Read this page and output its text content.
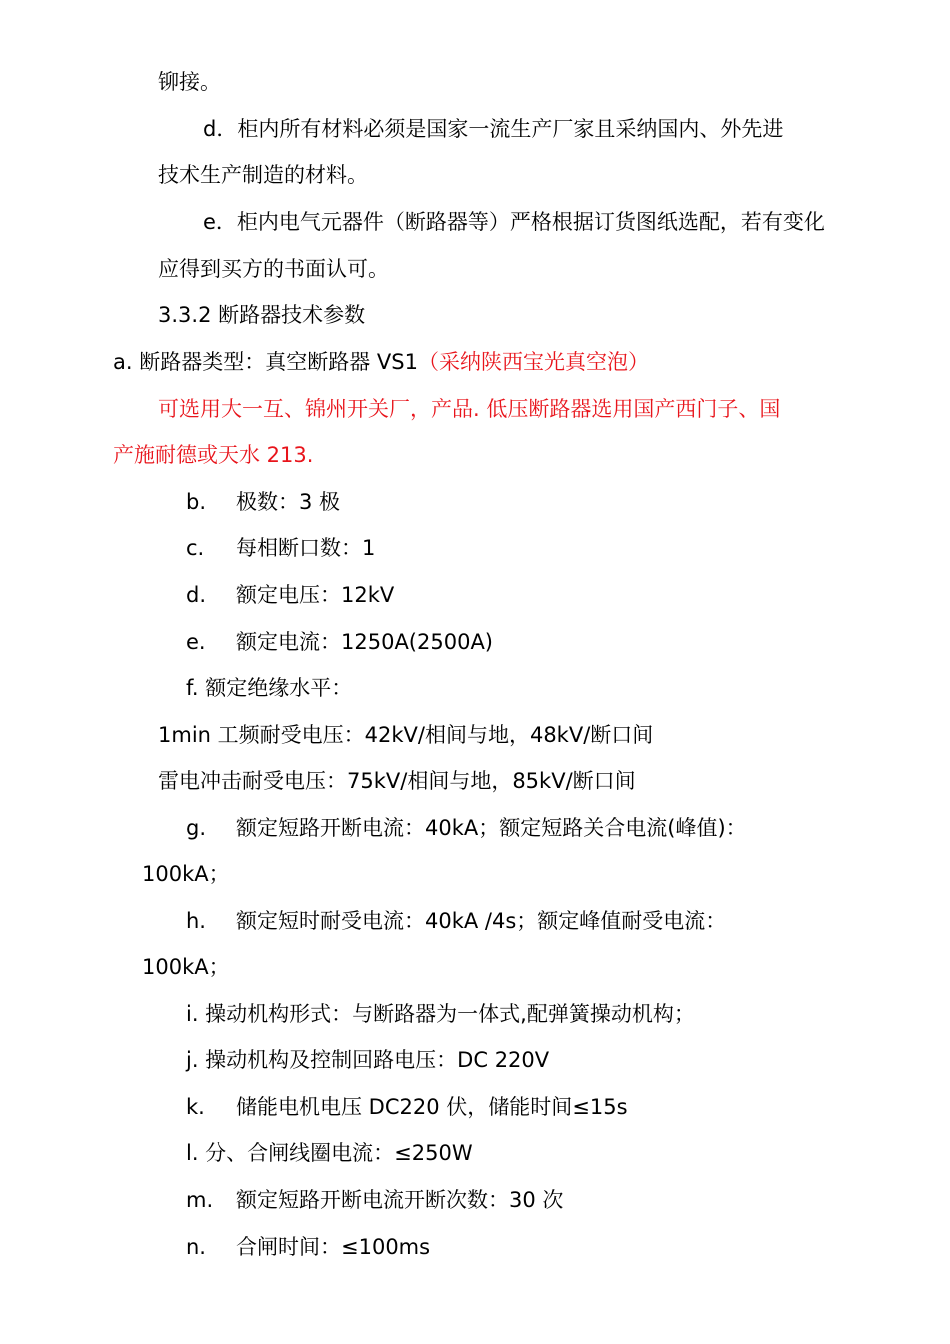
铆接。
d．柜内所有材料必须是国家一流生产厂家且采纳国内、外先进
技术生产制造的材料。
e．柜内电气元器件（断路器等）严格根据订货图纸选配，若有变化
应得到买方的书面认可。
3.3.2 断路器技术参数
a. 断路器类型：真空断路器 VS1（采纳陕西宝光真空泡）
可选用大一互、锦州开关厂，产品. 低压断路器选用国产西门子、国
产施耐德或天水 213.
b. 极数：3 极
c. 每相断口数：1
d. 额定电压：12kV
e. 额定电流：1250A(2500A)
f. 额定绝缘水平：
1min 工频耐受电压：42kV/相间与地，48kV/断口间
雷电冲击耐受电压：75kV/相间与地，85kV/断口间
g. 额定短路开断电流：40kA；额定短路关合电流(峰值)：
100kA；
h. 额定短时耐受电流：40kA /4s；额定峰值耐受电流：
100kA；
i. 操动机构形式：与断路器为一体式,配弹簧操动机构；
j. 操动机构及控制回路电压：DC 220V
k. 储能电机电压 DC220 伏，储能时间≤15s
l. 分、合闸线圈电流：≤250W
m. 额定短路开断电流开断次数：30 次
n. 合闸时间：≤100ms
